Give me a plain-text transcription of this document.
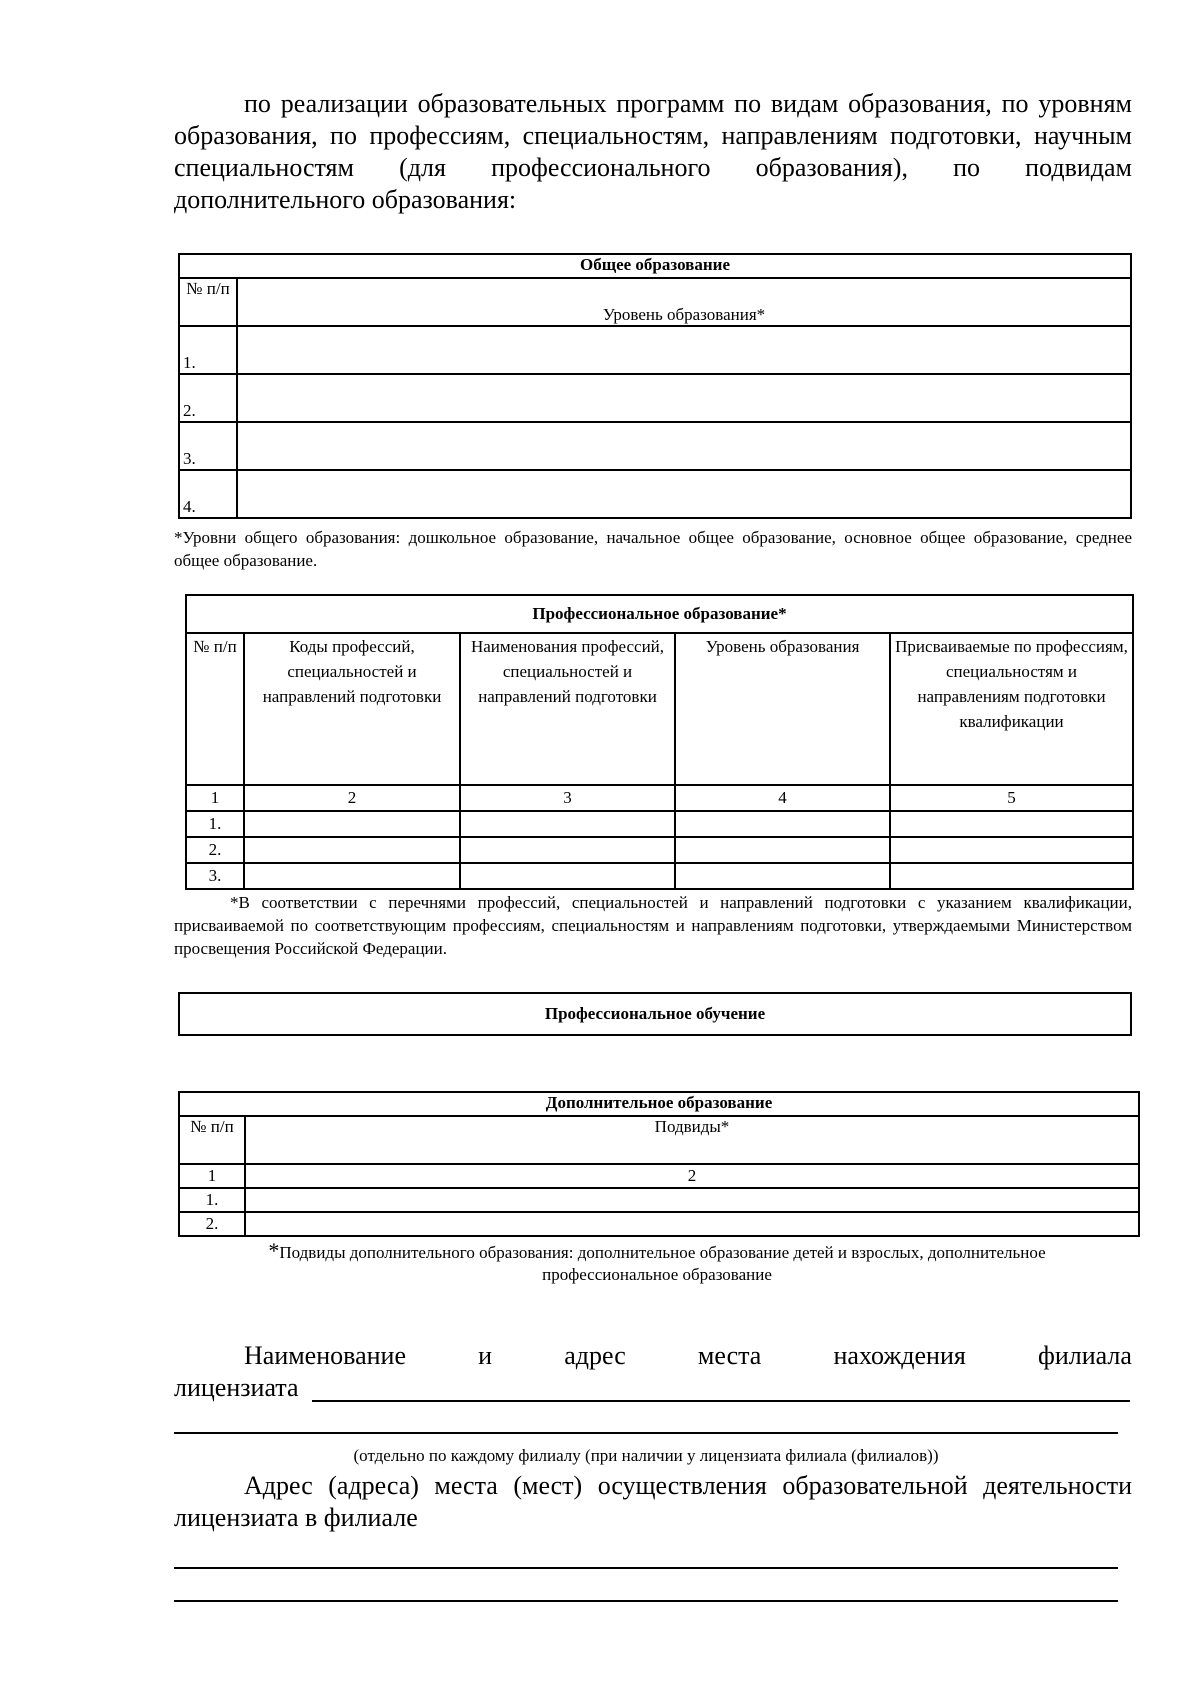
по реализации образовательных программ по видам образования, по уровням образования, по профессиям, специальностям, направлениям подготовки, научным специальностям (для профессионального образования), по подвидам дополнительного образования:

Общее образование	
№ п/п	Уровень образования*
1.	
2.	
3.	
4.	

*Уровни общего образования: дошкольное образование, начальное общее образование, основное общее образование, среднее общее образование.

Профессиональное образование*				
№ п/п	Коды профессий, специальностей и направлений подготовки	Наименования профессий, специальностей и направлений подготовки	Уровень образования	Присваиваемые по профессиям, специальностям и направлениям подготовки квалификации
1	2	3	4	5
1.				
2.				
3.				

*В соответствии с перечнями профессий, специальностей и направлений подготовки с указанием квалификации, присваиваемой по соответствующим профессиям, специальностям и направлениям подготовки, утверждаемыми Министерством просвещения Российской Федерации.

Профессиональное обучение
Дополнительное образование	
№ п/п	Подвиды*
1	2
1.	
2.	
*Подвиды дополнительного образования: дополнительное образование детей и взрослых, дополнительное
профессиональное образование
Наименование	и	адрес	места	нахождения	филиала
лицензиата
(отдельно по каждому филиалу (при наличии у лицензиата филиала (филиалов))

Адрес (адреса) места (мест) осуществления образовательной деятельности лицензиата в филиале
